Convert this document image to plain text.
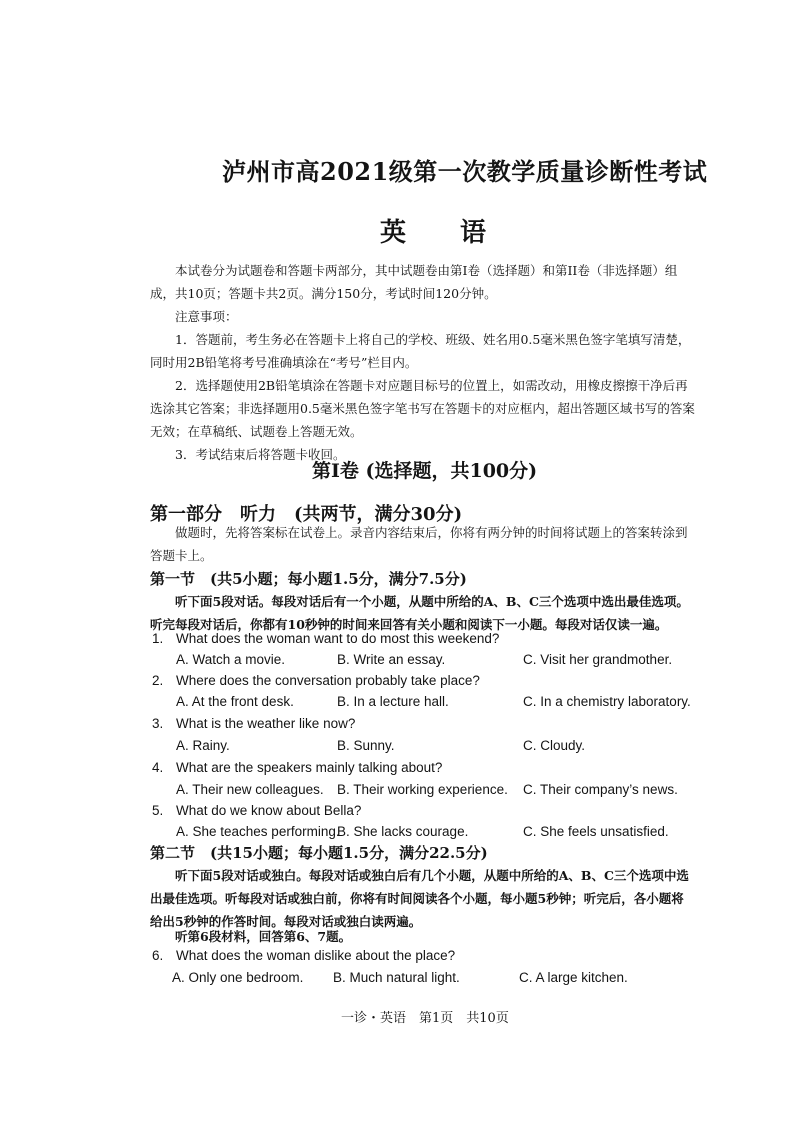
泸州市高2021级第一次教学质量诊断性考试
英　语
本试卷分为试题卷和答题卡两部分，其中试题卷由第I卷（选择题）和第II卷（非选择题）组成，共10页；答题卡共2页。满分150分，考试时间120分钟。
注意事项：
1．答题前，考生务必在答题卡上将自己的学校、班级、姓名用0.5毫米黑色签字笔填写清楚，同时用2B铅笔将考号准确填涂在“考号”栏目内。
2．选择题使用2B铅笔填涂在答题卡对应题目标号的位置上，如需改动，用橡皮擦擦干净后再选涂其它答案；非选择题用0.5毫米黑色签字笔书写在答题卡的对应框内，超出答题区域书写的答案无效；在草稿纸、试题卷上答题无效。
3．考试结束后将答题卡收回。
第I卷 (选择题，共100分)
第一部分　听力　(共两节，满分30分)
做题时，先将答案标在试卷上。录音内容结束后，你将有两分钟的时间将试题上的答案转涂到答题卡上。
第一节　(共5小题；每小题1.5分，满分7.5分)
听下面5段对话。每段对话后有一个小题，从题中所给的A、B、C三个选项中选出最佳选项。听完每段对话后，你都有10秒钟的时间来回答有关小题和阅读下一小题。每段对话仅读一遍。
1. What does the woman want to do most this weekend?
A. Watch a movie.	B. Write an essay.	C. Visit her grandmother.
2. Where does the conversation probably take place?
A. At the front desk.	B. In a lecture hall.	C. In a chemistry laboratory.
3. What is the weather like now?
A. Rainy.	B. Sunny.	C. Cloudy.
4. What are the speakers mainly talking about?
A. Their new colleagues. B. Their working experience. C. Their company’s news.
5. What do we know about Bella?
A. She teaches performing.
B. She lacks courage.	C. She feels unsatisfied.
第二节　(共15小题；每小题1.5分，满分22.5分)
听下面5段对话或独白。每段对话或独白后有几个小题，从题中所给的A、B、C三个选项中选出最佳选项。听每段对话或独白前，你将有时间阅读各个小题，每小题5秒钟；听完后，各小题将给出5秒钟的作答时间。每段对话或独白读两遍。
听第6段材料，回答第6、7题。
6. What does the woman dislike about the place?
A. Only one bedroom. B. Much natural light.	C. A large kitchen.
一诊・英语　第1页　共10页
